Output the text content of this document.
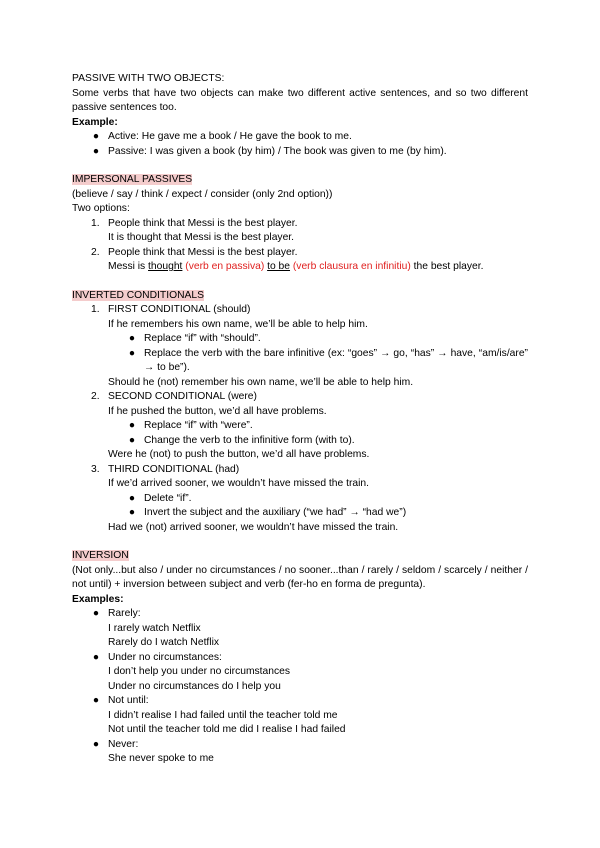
PASSIVE WITH TWO OBJECTS:

Some verbs that have two objects can make two different active sentences, and so two different passive sentences too.

Example:

● Active: He gave me a book / He gave the book to me.
● Passive: I was given a book (by him) / The book was given to me (by him).

IMPERSONAL PASSIVES

(believe / say / think / expect / consider (only 2nd option))

Two options:

1. People think that Messi is the best player.

It is thought that Messi is the best player.

2. People think that Messi is the best player.

Messi is thought (verb en passiva) to be (verb clausura en infinitiu) the best player.

INVERTED CONDITIONALS

1. FIRST CONDITIONAL (should)

If he remembers his own name, we’ll be able to help him.

● Replace “if” with “should”.
● Replace the verb with the bare infinitive (ex: “goes” → go, “has” → have, “am/is/are” → to be”).

Should he (not) remember his own name, we’ll be able to help him.

2. SECOND CONDITIONAL (were)

If he pushed the button, we’d all have problems.

● Replace “if” with “were”.
● Change the verb to the infinitive form (with to).

Were he (not) to push the button, we’d all have problems.

3. THIRD CONDITIONAL (had)

If we’d arrived sooner, we wouldn’t have missed the train.

● Delete “if”.
● Invert the subject and the auxiliary (“we had” → “had we”)

Had we (not) arrived sooner, we wouldn’t have missed the train.

INVERSION

(Not only...but also / under no circumstances / no sooner...than / rarely / seldom / scarcely / neither / not until) + inversion between subject and verb (fer-ho en forma de pregunta).

Examples:

● Rarely:

I rarely watch Netflix

Rarely do I watch Netflix

● Under no circumstances:

I don’t help you under no circumstances

Under no circumstances do I help you

● Not until:

I didn’t realise I had failed until the teacher told me

Not until the teacher told me did I realise I had failed

● Never:

She never spoke to me
